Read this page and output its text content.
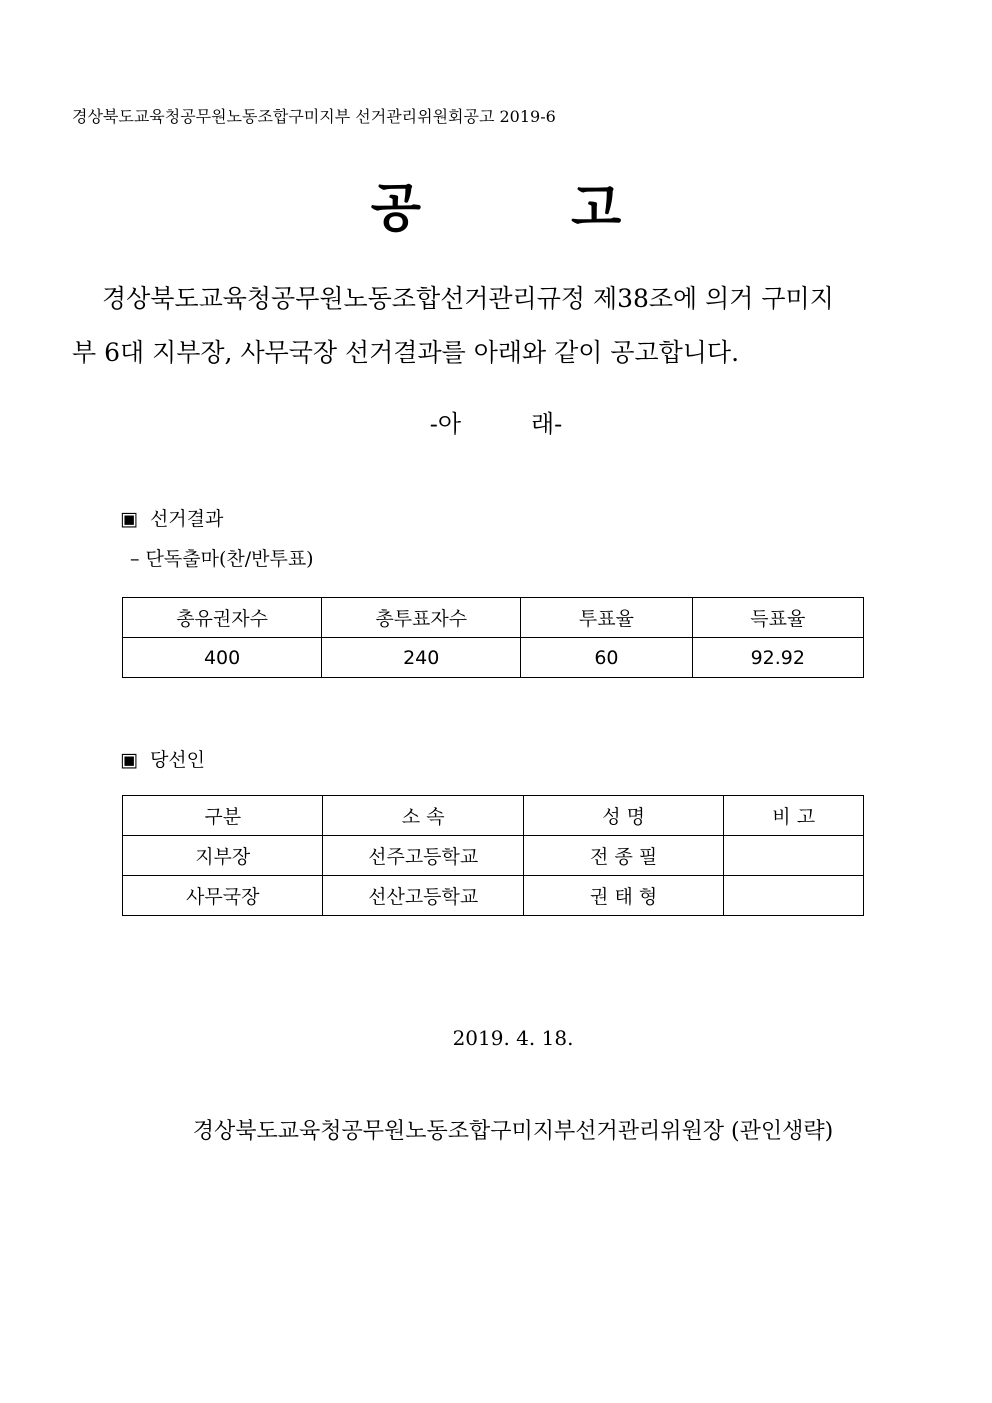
경상북도교육청공무원노동조합구미지부 선거관리위원회공고 2019-6
공	고
경상북도교육청공무원노동조합선거관리규정 제38조에 의거 구미지
부 6대 지부장, 사무국장 선거결과를 아래와 같이 공고합니다.
-아	래-
▣ 선거결과
– 단독출마(찬/반투표)
총유권자수	총투표자수	투표율	득표율
400	240	60	92.92
▣ 당선인
구분	소 속	성 명	비 고
지부장	선주고등학교	전 종 필	
사무국장	선산고등학교	권 태 형	
2019. 4. 18.
경상북도교육청공무원노동조합구미지부선거관리위원장 (관인생략)
